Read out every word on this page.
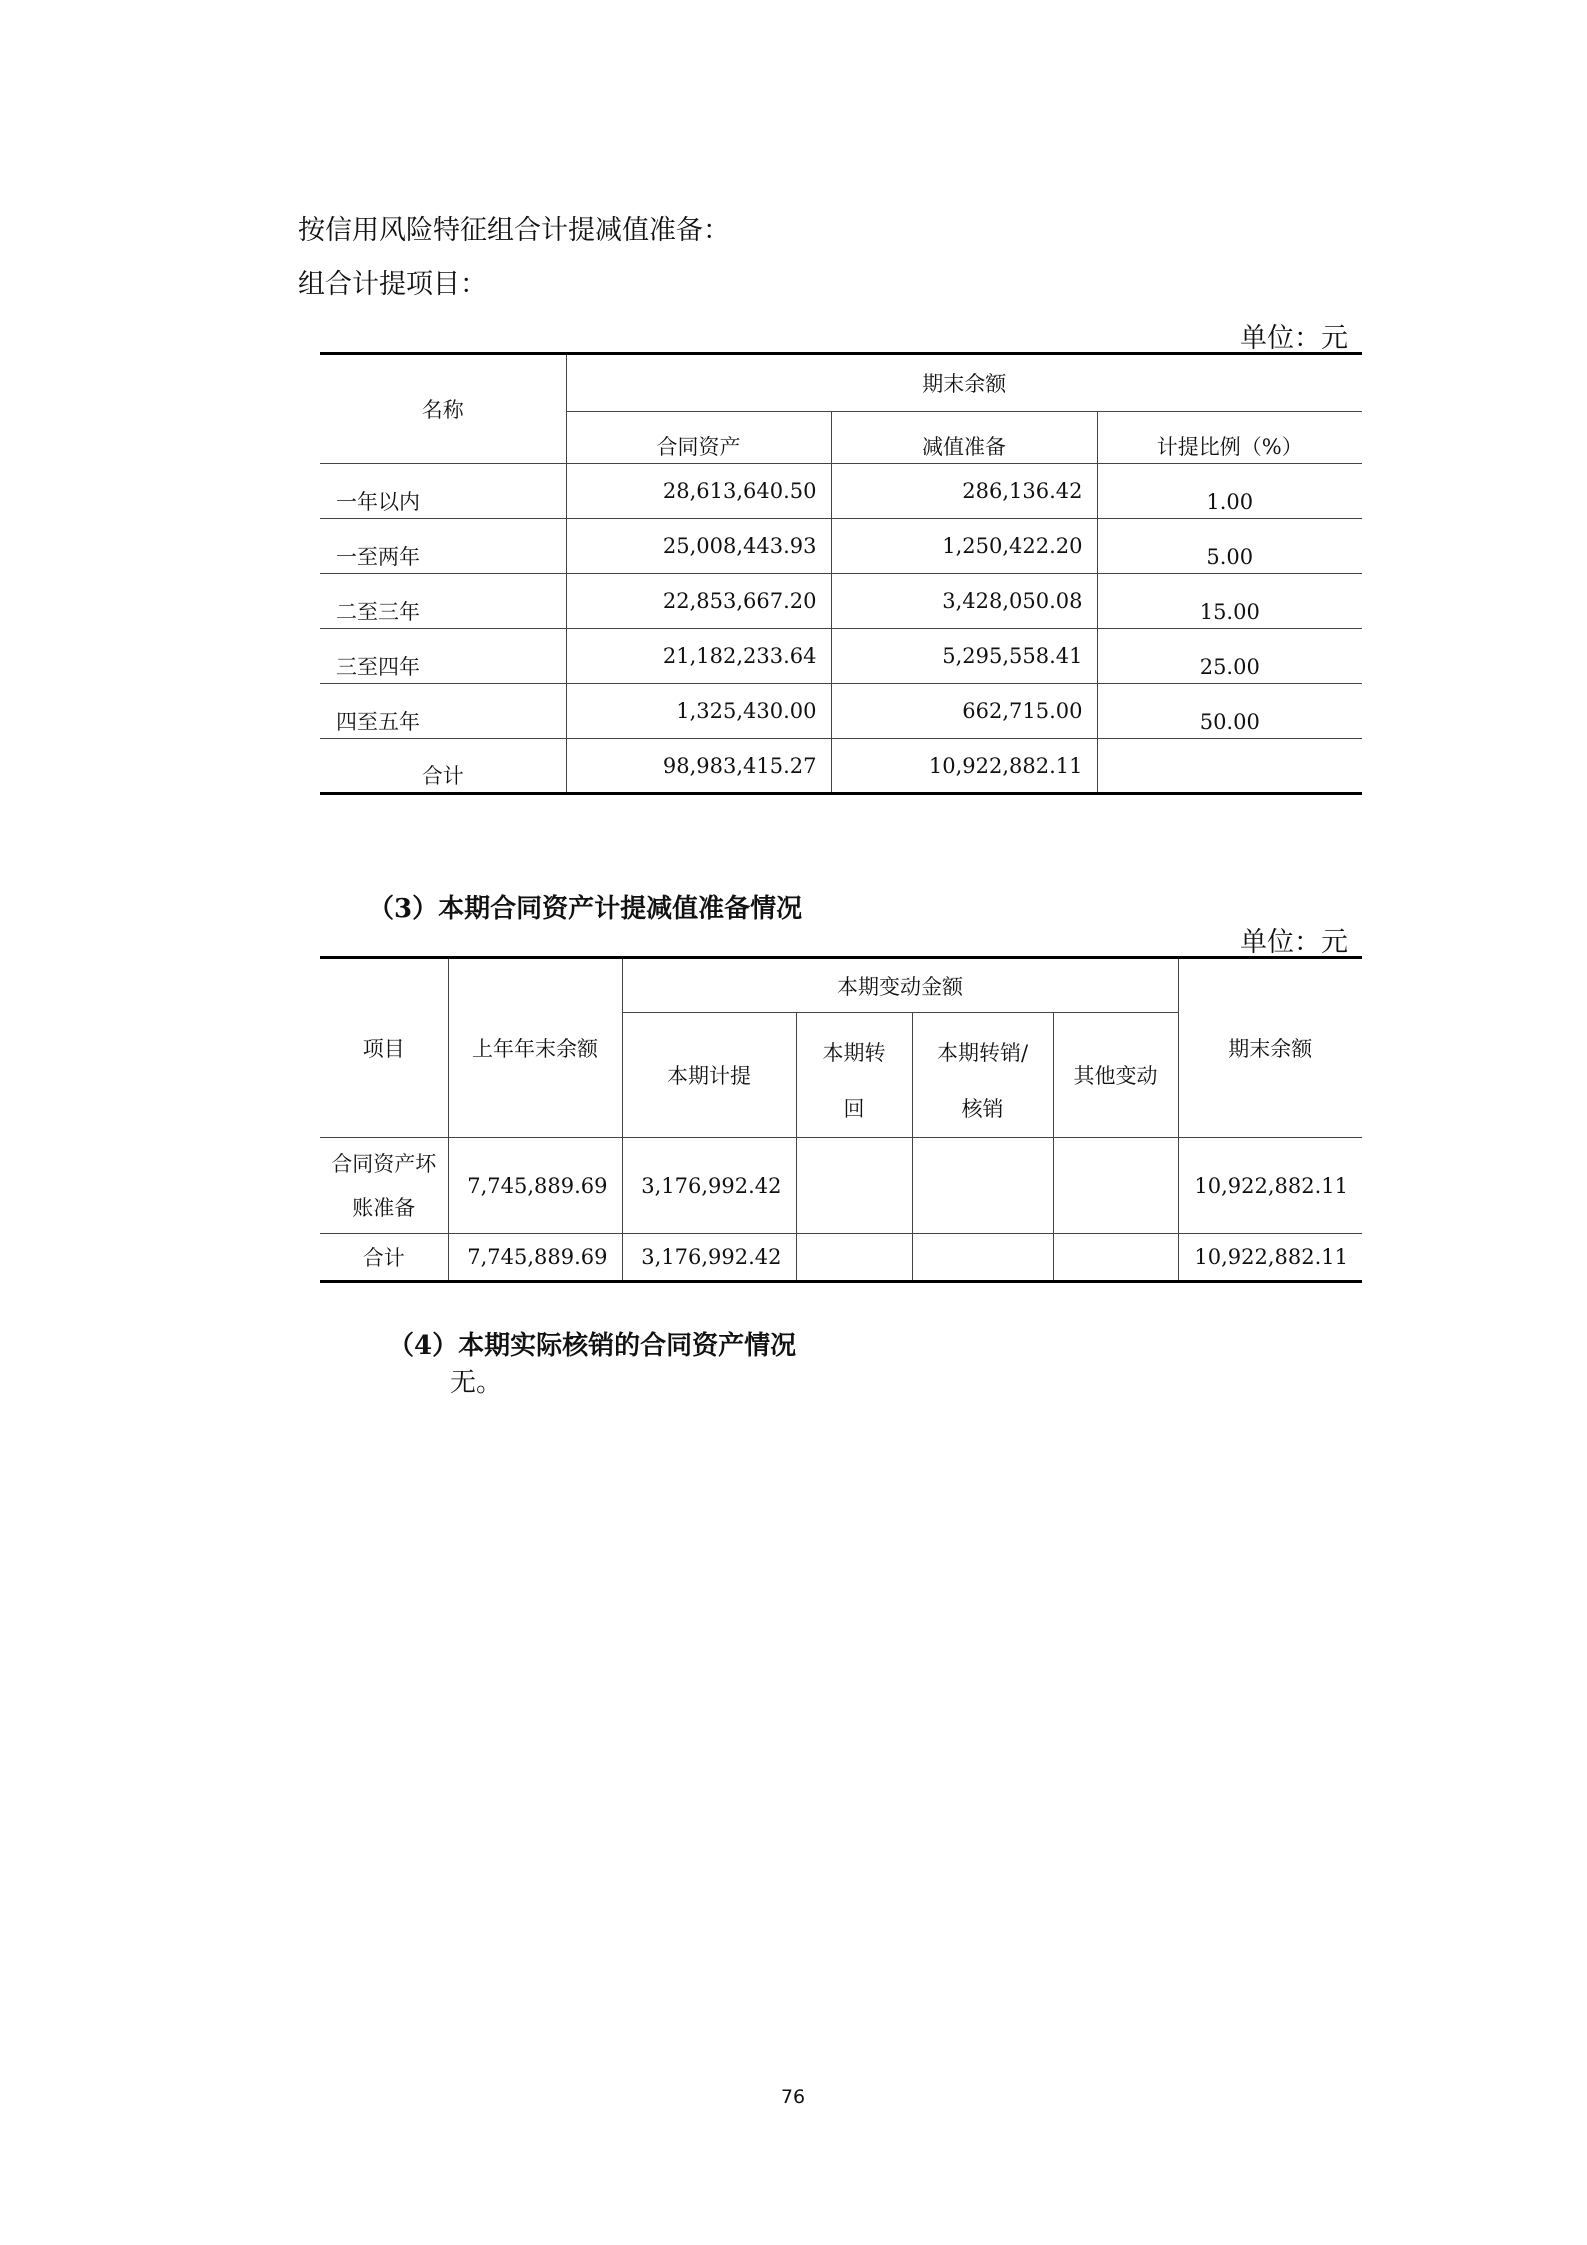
按信用风险特征组合计提减值准备：
组合计提项目：
单位：元
名称	期末余额		
	合同资产	减值准备	计提比例（%）
一年以内	28,613,640.50	286,136.42	1.00
一至两年	25,008,443.93	1,250,422.20	5.00
二至三年	22,853,667.20	3,428,050.08	15.00
三至四年	21,182,233.64	5,295,558.41	25.00
四至五年	1,325,430.00	662,715.00	50.00
合计	98,983,415.27	10,922,882.11	
（3）本期合同资产计提减值准备情况
单位：元
项目	上年年末余额	本期变动金额				期末余额
		本期计提	本期转回	本期转销/核销	其他变动	
合同资产坏账准备	7,745,889.69	3,176,992.42				10,922,882.11
合计	7,745,889.69	3,176,992.42				10,922,882.11
（4）本期实际核销的合同资产情况
无。
76
